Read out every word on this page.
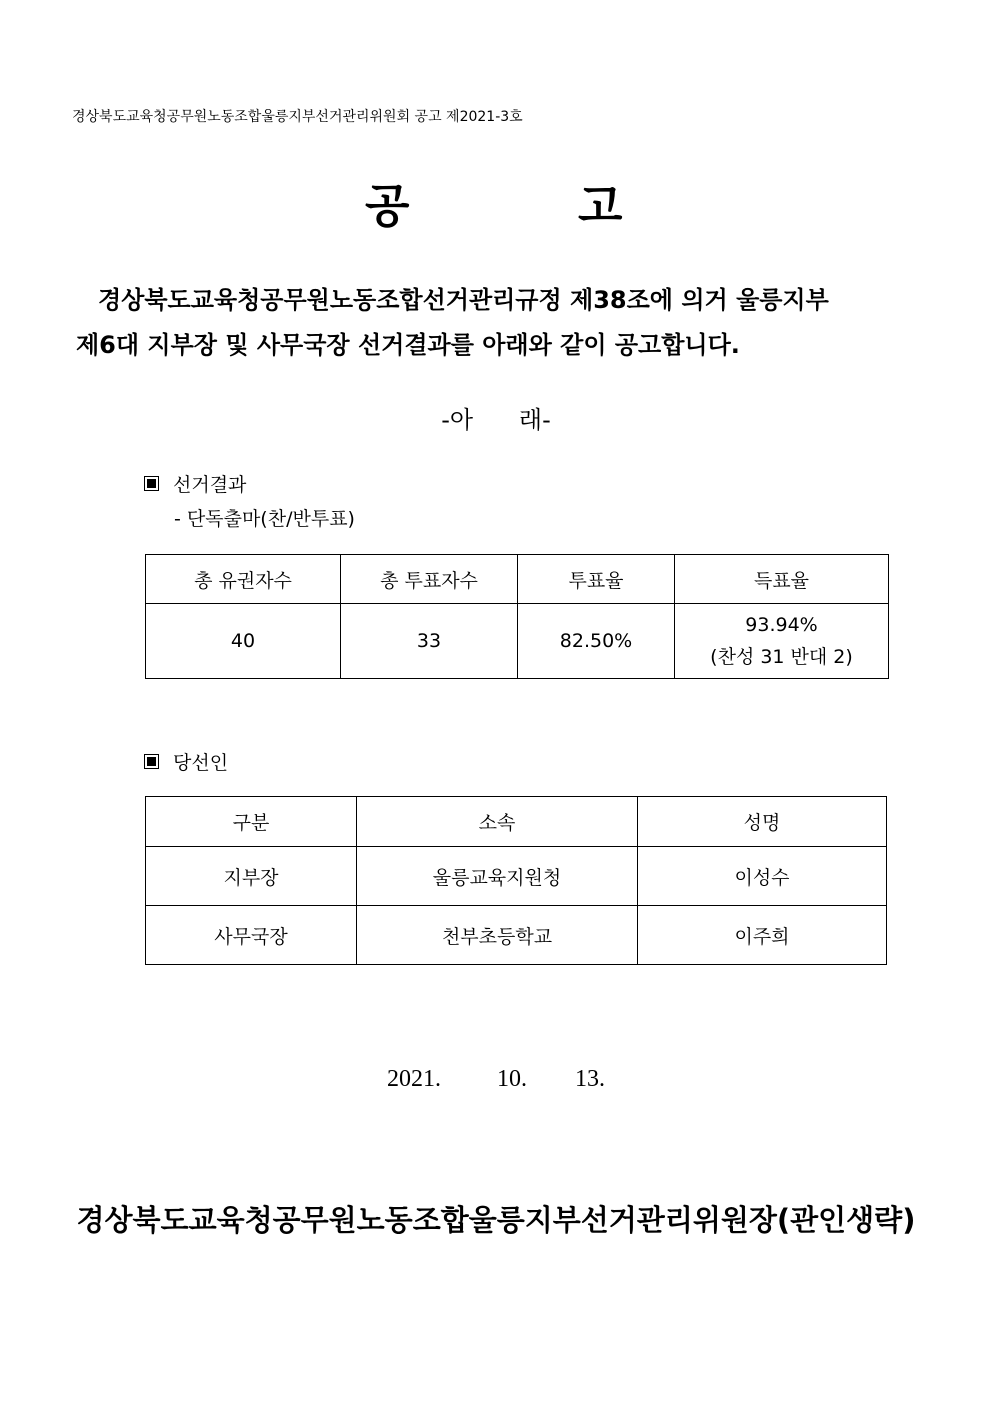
경상북도교육청공무원노동조합울릉지부선거관리위원회 공고 제2021-3호
공	고
경상북도교육청공무원노동조합선거관리규정 제38조에 의거 울릉지부
제6대 지부장 및 사무국장 선거결과를 아래와 같이 공고합니다.
-아      래-
선거결과
- 단독출마(찬/반투표)
총 유권자수	총 투표자수	투표율	득표율
40	33	82.50%	93.94%
(찬성 31 반대 2)
당선인
구분	소속	성명
지부장	울릉교육지원청	이성수
사무국장	천부초등학교	이주희
2021. 10. 13.
경상북도교육청공무원노동조합울릉지부선거관리위원장(관인생략)
